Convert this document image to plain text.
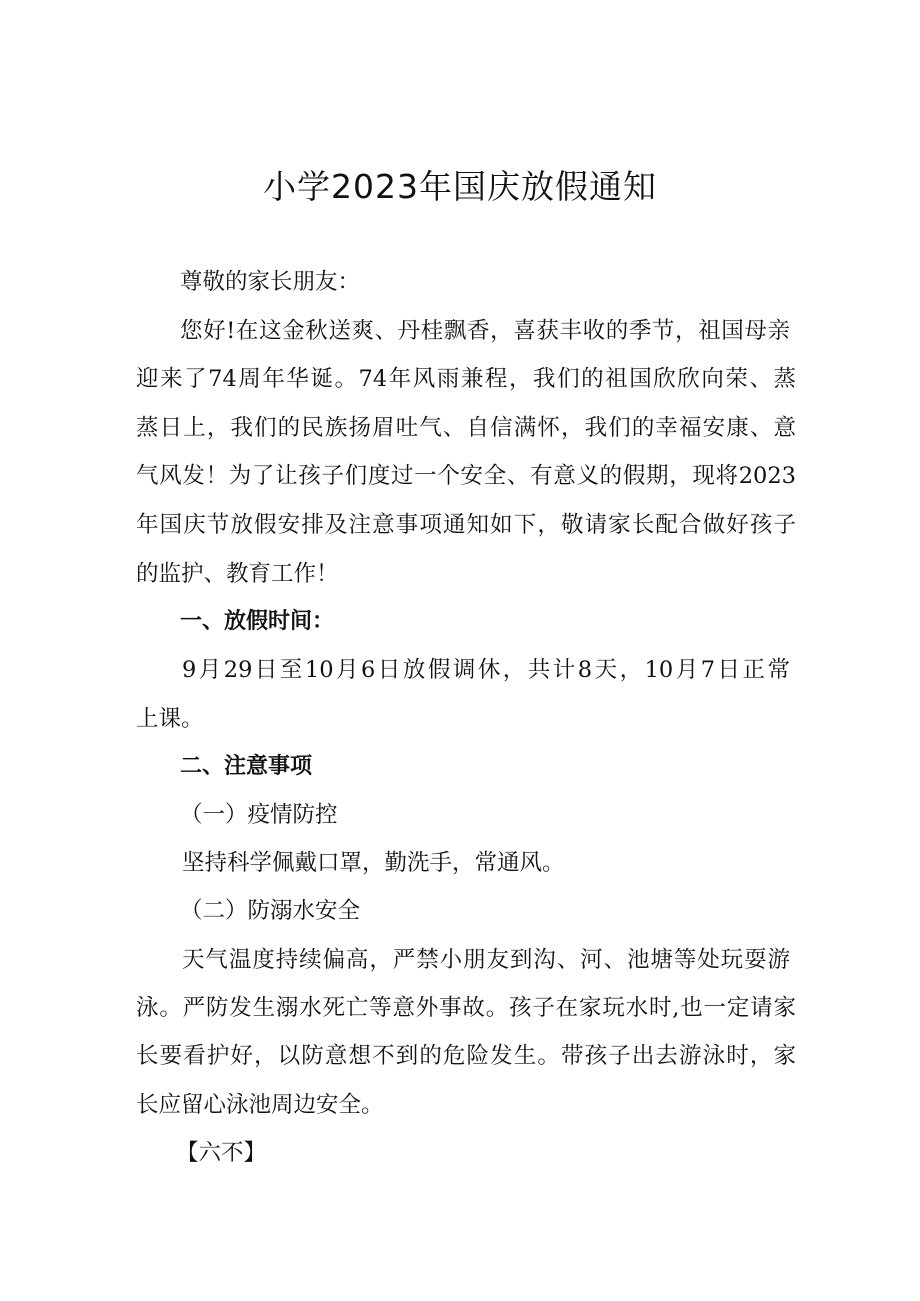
小学2023年国庆放假通知
尊敬的家长朋友：
您好!在这金秋送爽、丹桂飘香，喜获丰收的季节，祖国母亲
迎来了74周年华诞。74年风雨兼程，我们的祖国欣欣向荣、蒸
蒸日上，我们的民族扬眉吐气、自信满怀，我们的幸福安康、意
气风发！为了让孩子们度过一个安全、有意义的假期，现将2023
年国庆节放假安排及注意事项通知如下，敬请家长配合做好孩子
的监护、教育工作！
一、放假时间：
9月29日至10月6日放假调休，共计8天，10月7日正常
上课。
二、注意事项
（一）疫情防控
坚持科学佩戴口罩，勤洗手，常通风。
（二）防溺水安全
天气温度持续偏高，严禁小朋友到沟、河、池塘等处玩耍游
泳。严防发生溺水死亡等意外事故。孩子在家玩水时,也一定请家
长要看护好，以防意想不到的危险发生。带孩子出去游泳时，家
长应留心泳池周边安全。
【六不】
